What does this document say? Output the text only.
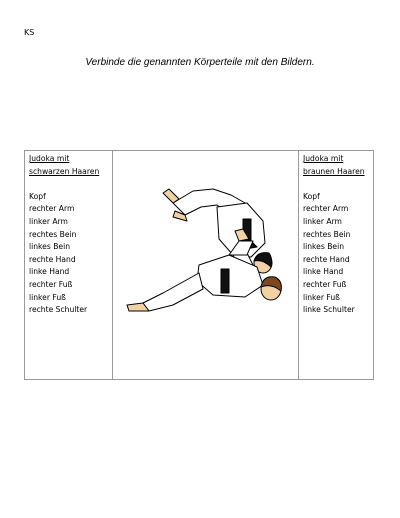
KS
Verbinde die genannten Körperteile mit den Bildern.
Judoka mit
schwarzen Haaren
Kopf
rechter Arm
linker Arm
rechtes Bein
linkes Bein
rechte Hand
linke Hand
rechter Fuß
linker Fuß
rechte Schulter
Judoka mit
braunen Haaren
Kopf
rechter Arm
linker Arm
rechtes Bein
linkes Bein
rechte Hand
linke Hand
rechter Fuß
linker Fuß
linke Schulter
